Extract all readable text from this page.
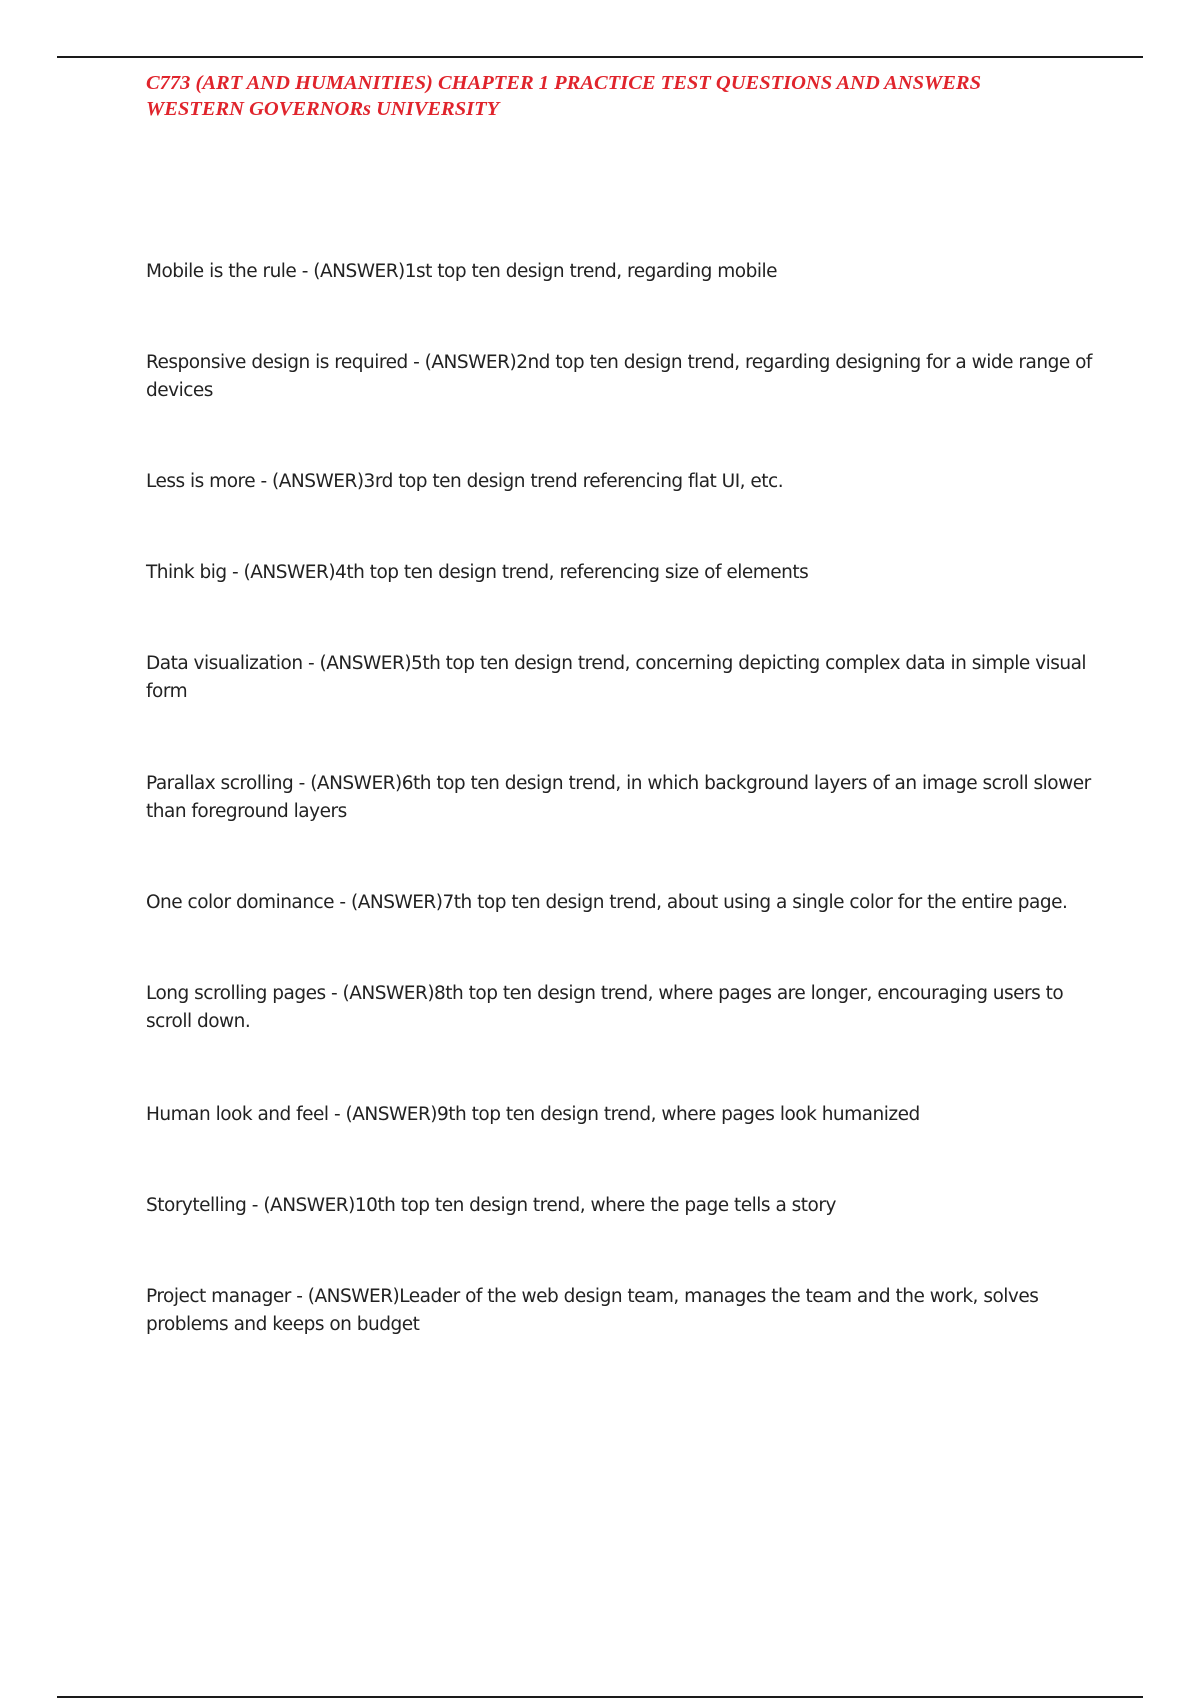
C773 (ART AND HUMANITIES) CHAPTER 1 PRACTICE TEST QUESTIONS AND ANSWERS
WESTERN GOVERNORs UNIVERSITY
Mobile is the rule - (ANSWER)1st top ten design trend, regarding mobile
Responsive design is required - (ANSWER)2nd top ten design trend, regarding designing for a wide range of devices
Less is more - (ANSWER)3rd top ten design trend referencing flat UI, etc.
Think big - (ANSWER)4th top ten design trend, referencing size of elements
Data visualization - (ANSWER)5th top ten design trend, concerning depicting complex data in simple visual form
Parallax scrolling - (ANSWER)6th top ten design trend, in which background layers of an image scroll slower than foreground layers
One color dominance - (ANSWER)7th top ten design trend, about using a single color for the entire page.
Long scrolling pages - (ANSWER)8th top ten design trend, where pages are longer, encouraging users to scroll down.
Human look and feel - (ANSWER)9th top ten design trend, where pages look humanized
Storytelling - (ANSWER)10th top ten design trend, where the page tells a story
Project manager - (ANSWER)Leader of the web design team, manages the team and the work, solves problems and keeps on budget
